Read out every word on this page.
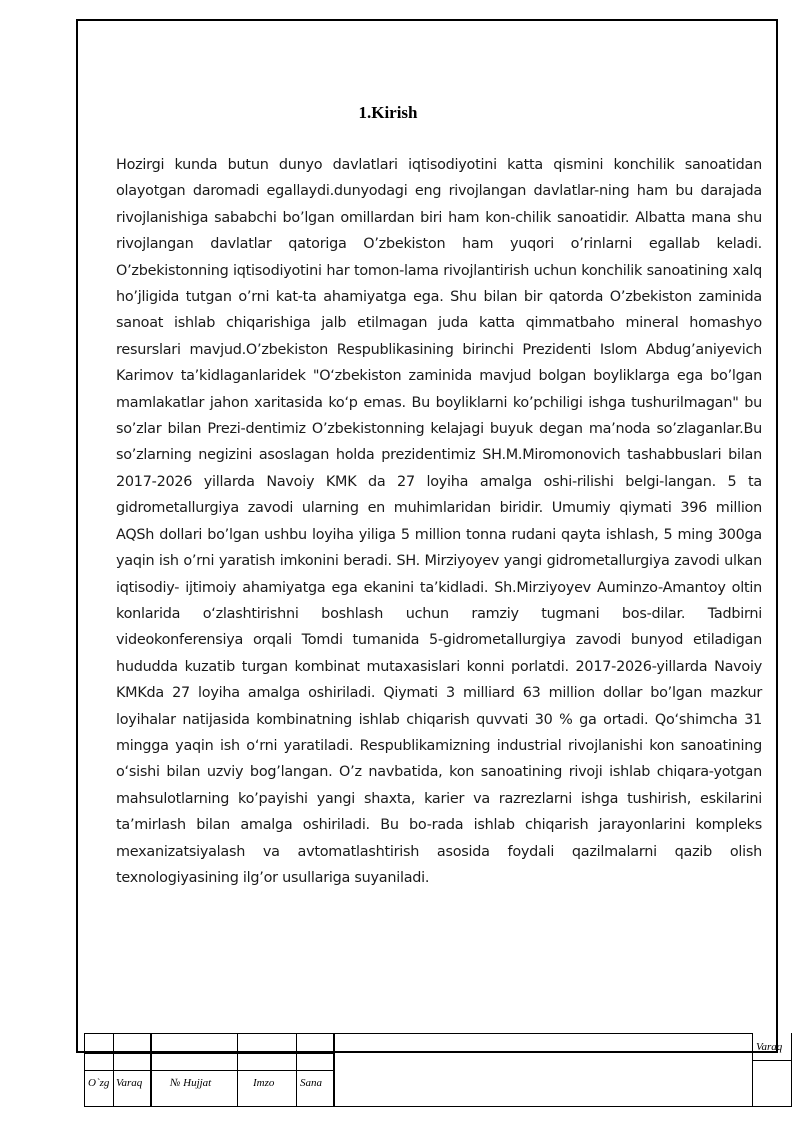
1.Kirish

Hozirgi kunda butun dunyo davlatlari iqtisodiyotini katta qismini konchilik sanoatidan olayotgan daromadi egallaydi.dunyodagi eng rivojlangan davlatlar-ning ham bu darajada rivojlanishiga sababchi bo’lgan omillardan biri ham kon-chilik sanoatidir. Albatta mana shu rivojlangan davlatlar qatoriga O’zbekiston ham yuqori o’rinlarni egallab keladi. O’zbekistonning iqtisodiyotini har tomon-lama rivojlantirish uchun konchilik sanoatining xalq ho’jligida tutgan o’rni kat-ta ahamiyatga ega. Shu bilan bir qatorda O’zbekiston zaminida sanoat ishlab chiqarishiga jalb etilmagan juda katta qimmatbaho mineral homashyo resurslari mavjud.O’zbekiston Respublikasining birinchi Prezidenti Islom Abdug’aniyevich Karimov ta’kidlaganlaridek "O‘zbekiston zaminida mavjud bolgan boyliklarga ega bo’lgan mamlakatlar jahon xaritasida ko‘p emas. Bu boyliklarni ko’pchiligi ishga tushurilmagan" bu so’zlar bilan Prezi-dentimiz O’zbekistonning kelajagi buyuk degan ma’noda so’zlaganlar.Bu so’zlarning negizini asoslagan holda prezidentimiz SH.M.Miromonovich tashabbuslari bilan 2017-2026 yillarda Navoiy KMK da 27 loyiha amalga oshi-rilishi belgi-langan. 5 ta gidrometallurgiya zavodi ularning en muhimlaridan biridir. Umumiy qiymati 396 million AQSh dollari bo’lgan ushbu loyiha yiliga 5 million tonna rudani qayta ishlash, 5 ming 300ga yaqin ish o’rni yaratish imkonini beradi. SH. Mirziyoyev yangi gidrometallurgiya zavodi ulkan iqtisodiy- ijtimoiy ahamiyatga ega ekanini ta’kidladi. Sh.Mirziyoyev Auminzo-Amantoy oltin konlarida o‘zlashtirishni boshlash uchun ramziy tugmani bos-dilar. Tadbirni videokonferensiya orqali Tomdi tumanida 5-gidrometallurgiya zavodi bunyod etiladigan hududda kuzatib turgan kombinat mutaxasislari konni porlatdi. 2017-2026-yillarda Navoiy KMKda 27 loyiha amalga oshiriladi. Qiymati 3 milliard 63 million dollar bo’lgan mazkur loyihalar natijasida kombinatning ishlab chiqarish quvvati 30 % ga ortadi. Qo‘shimcha 31 mingga yaqin ish o‘rni yaratiladi. Respublikamizning industrial rivojlanishi kon sanoatining o‘sishi bilan uzviy bog’langan. O’z navbatida, kon sanoatining rivoji ishlab chiqara-yotgan mahsulotlarning ko’payishi yangi shaxta, karier va razrezlarni ishga tushirish, eskilarini ta’mirlash bilan amalga oshiriladi. Bu bo-rada ishlab chiqarish jarayonlarini kompleks mexanizatsiyalash va avtomatlashtirish asosida foydali qazilmalarni qazib olish texnologiyasining ilg’or usullariga suyaniladi.

O`zg Varaq	№ Hujjat	Imzo Sana
Varaq
